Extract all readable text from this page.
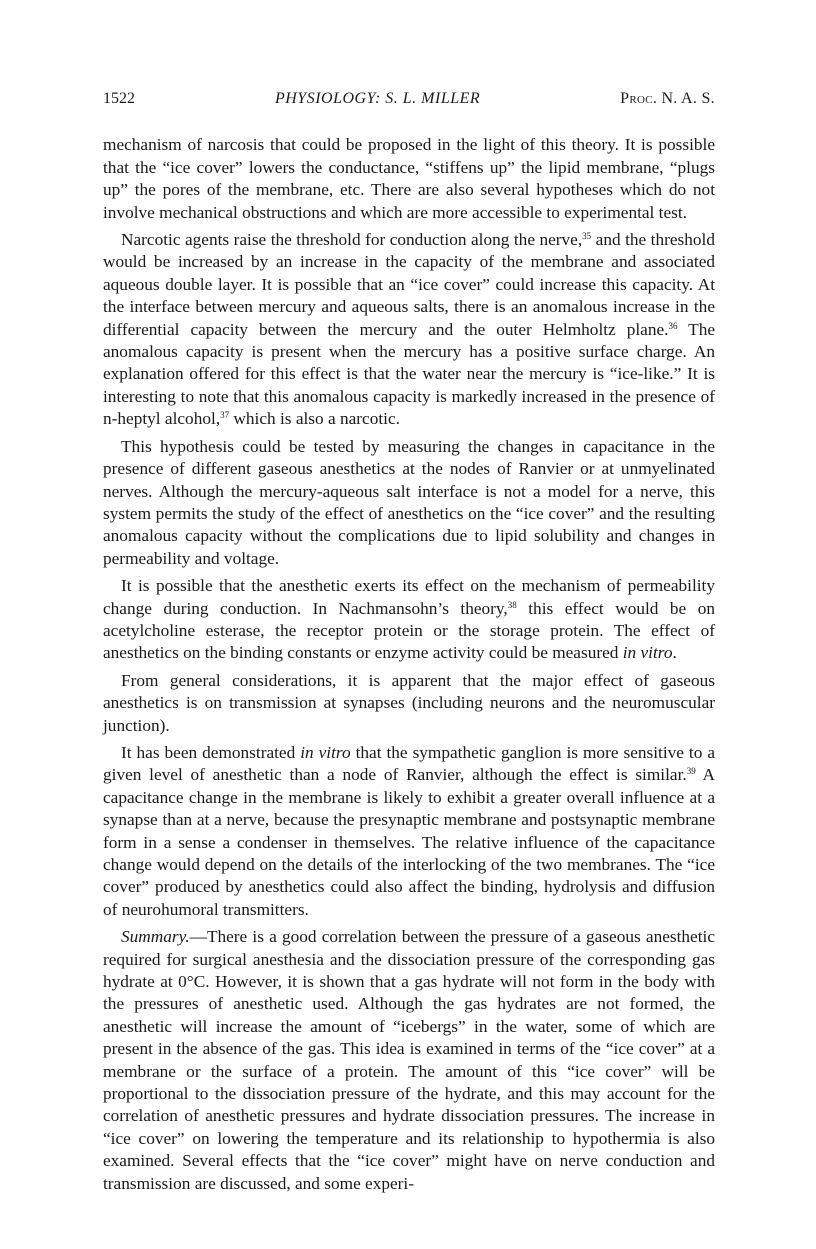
1522	PHYSIOLOGY: S. L. MILLER	Proc. N. A. S.

mechanism of narcosis that could be proposed in the light of this theory. It is possible that the “ice cover” lowers the conductance, “stiffens up” the lipid membrane, “plugs up” the pores of the membrane, etc. There are also several hypotheses which do not involve mechanical obstructions and which are more accessible to experimental test.

Narcotic agents raise the threshold for conduction along the nerve,$^{35}$ and the threshold would be increased by an increase in the capacity of the membrane and associated aqueous double layer. It is possible that an “ice cover” could increase this capacity. At the interface between mercury and aqueous salts, there is an anomalous increase in the differential capacity between the mercury and the outer Helmholtz plane.$^{36}$ The anomalous capacity is present when the mercury has a positive surface charge. An explanation offered for this effect is that the water near the mercury is “ice-like.” It is interesting to note that this anomalous capacity is markedly increased in the presence of n-heptyl alcohol,$^{37}$ which is also a narcotic.

This hypothesis could be tested by measuring the changes in capacitance in the presence of different gaseous anesthetics at the nodes of Ranvier or at unmyelinated nerves. Although the mercury-aqueous salt interface is not a model for a nerve, this system permits the study of the effect of anesthetics on the “ice cover” and the resulting anomalous capacity without the complications due to lipid solubility and changes in permeability and voltage.

It is possible that the anesthetic exerts its effect on the mechanism of permeability change during conduction. In Nachmansohn’s theory,$^{38}$ this effect would be on acetylcholine esterase, the receptor protein or the storage protein. The effect of anesthetics on the binding constants or enzyme activity could be measured in vitro.

From general considerations, it is apparent that the major effect of gaseous anesthetics is on transmission at synapses (including neurons and the neuromuscular junction).

It has been demonstrated in vitro that the sympathetic ganglion is more sensitive to a given level of anesthetic than a node of Ranvier, although the effect is similar.$^{39}$ A capacitance change in the membrane is likely to exhibit a greater overall influence at a synapse than at a nerve, because the presynaptic membrane and postsynaptic membrane form in a sense a condenser in themselves. The relative influence of the capacitance change would depend on the details of the interlocking of the two membranes. The “ice cover” produced by anesthetics could also affect the binding, hydrolysis and diffusion of neurohumoral transmitters.

Summary.—There is a good correlation between the pressure of a gaseous anesthetic required for surgical anesthesia and the dissociation pressure of the corresponding gas hydrate at 0°C. However, it is shown that a gas hydrate will not form in the body with the pressures of anesthetic used. Although the gas hydrates are not formed, the anesthetic will increase the amount of “icebergs” in the water, some of which are present in the absence of the gas. This idea is examined in terms of the “ice cover” at a membrane or the surface of a protein. The amount of this “ice cover” will be proportional to the dissociation pressure of the hydrate, and this may account for the correlation of anesthetic pressures and hydrate dissociation pressures. The increase in “ice cover” on lowering the temperature and its relationship to hypothermia is also examined. Several effects that the “ice cover” might have on nerve conduction and transmission are discussed, and some experi-
